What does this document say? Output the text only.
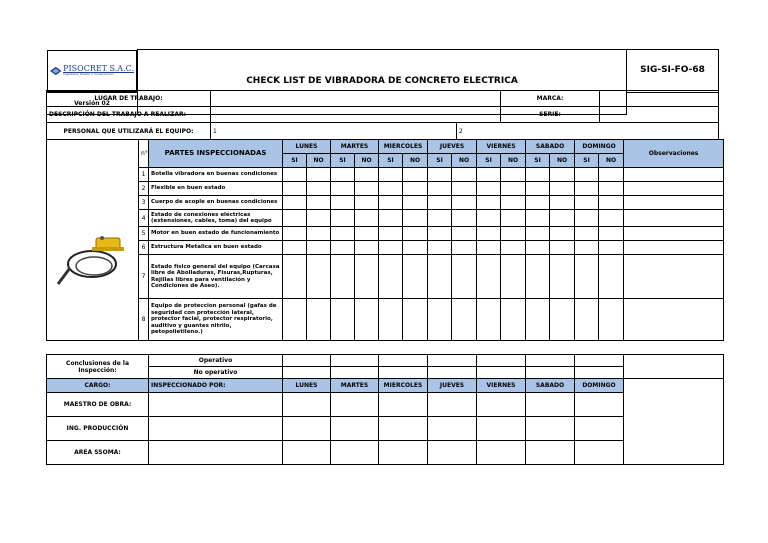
PISOCRET S.A.C.
Ingeniería, Diseño y Construcción
CHECK LIST DE VIBRADORA DE CONCRETO ELECTRICA	SIG-SI-FO-68
Versión 02
LUGAR DE TRABAJO:		MARCA:	
DESCRIPCIÓN DEL TRABAJO A REALIZAR:		SERIE:	
PERSONAL QUE UTILIZARÁ EL EQUIPO:	1	2
	n°	PARTES INSPECCIONADAS	LUNES		MARTES		MIERCOLES		JUEVES		VIERNES		SABADO		DOMINGO		Observaciones
			SI	NO	SI	NO	SI	NO	SI	NO	SI	NO	SI	NO	SI	NO	
	1	Botella vibradora en buenas condiciones															
	2	Flexible en buen estado															
	3	Cuerpo de acople en buenas condiciones															
	4	Estado de conexiones eléctricas (extensiones, cables, toma) del equipo															
	5	Motor en buen estado de funcionamiento															
	6	Estructura Metalica en buen estado															
	7	Estado físico general del equipo (Carcasa libre de Abolladuras, Fisuras,Rupturas, Rejillas libres para ventilación y Condiciones de Aseo).															
	8	Equipo de proteccion personal (gafas de seguridad con protección lateral, protector facial, protector respiratorio, auditivo y guantes nitrilo, petopolietileno.)															
Conclusiones de la Inspección:	Operativo								
	No operativo								
CARGO:	INSPECCIONADO POR:	LUNES	MARTES	MIERCOLES	JUEVES	VIERNES	SABADO	DOMINGO	
MAESTRO DE OBRA:									
ING. PRODUCCIÓN									
AREA SSOMA:									
